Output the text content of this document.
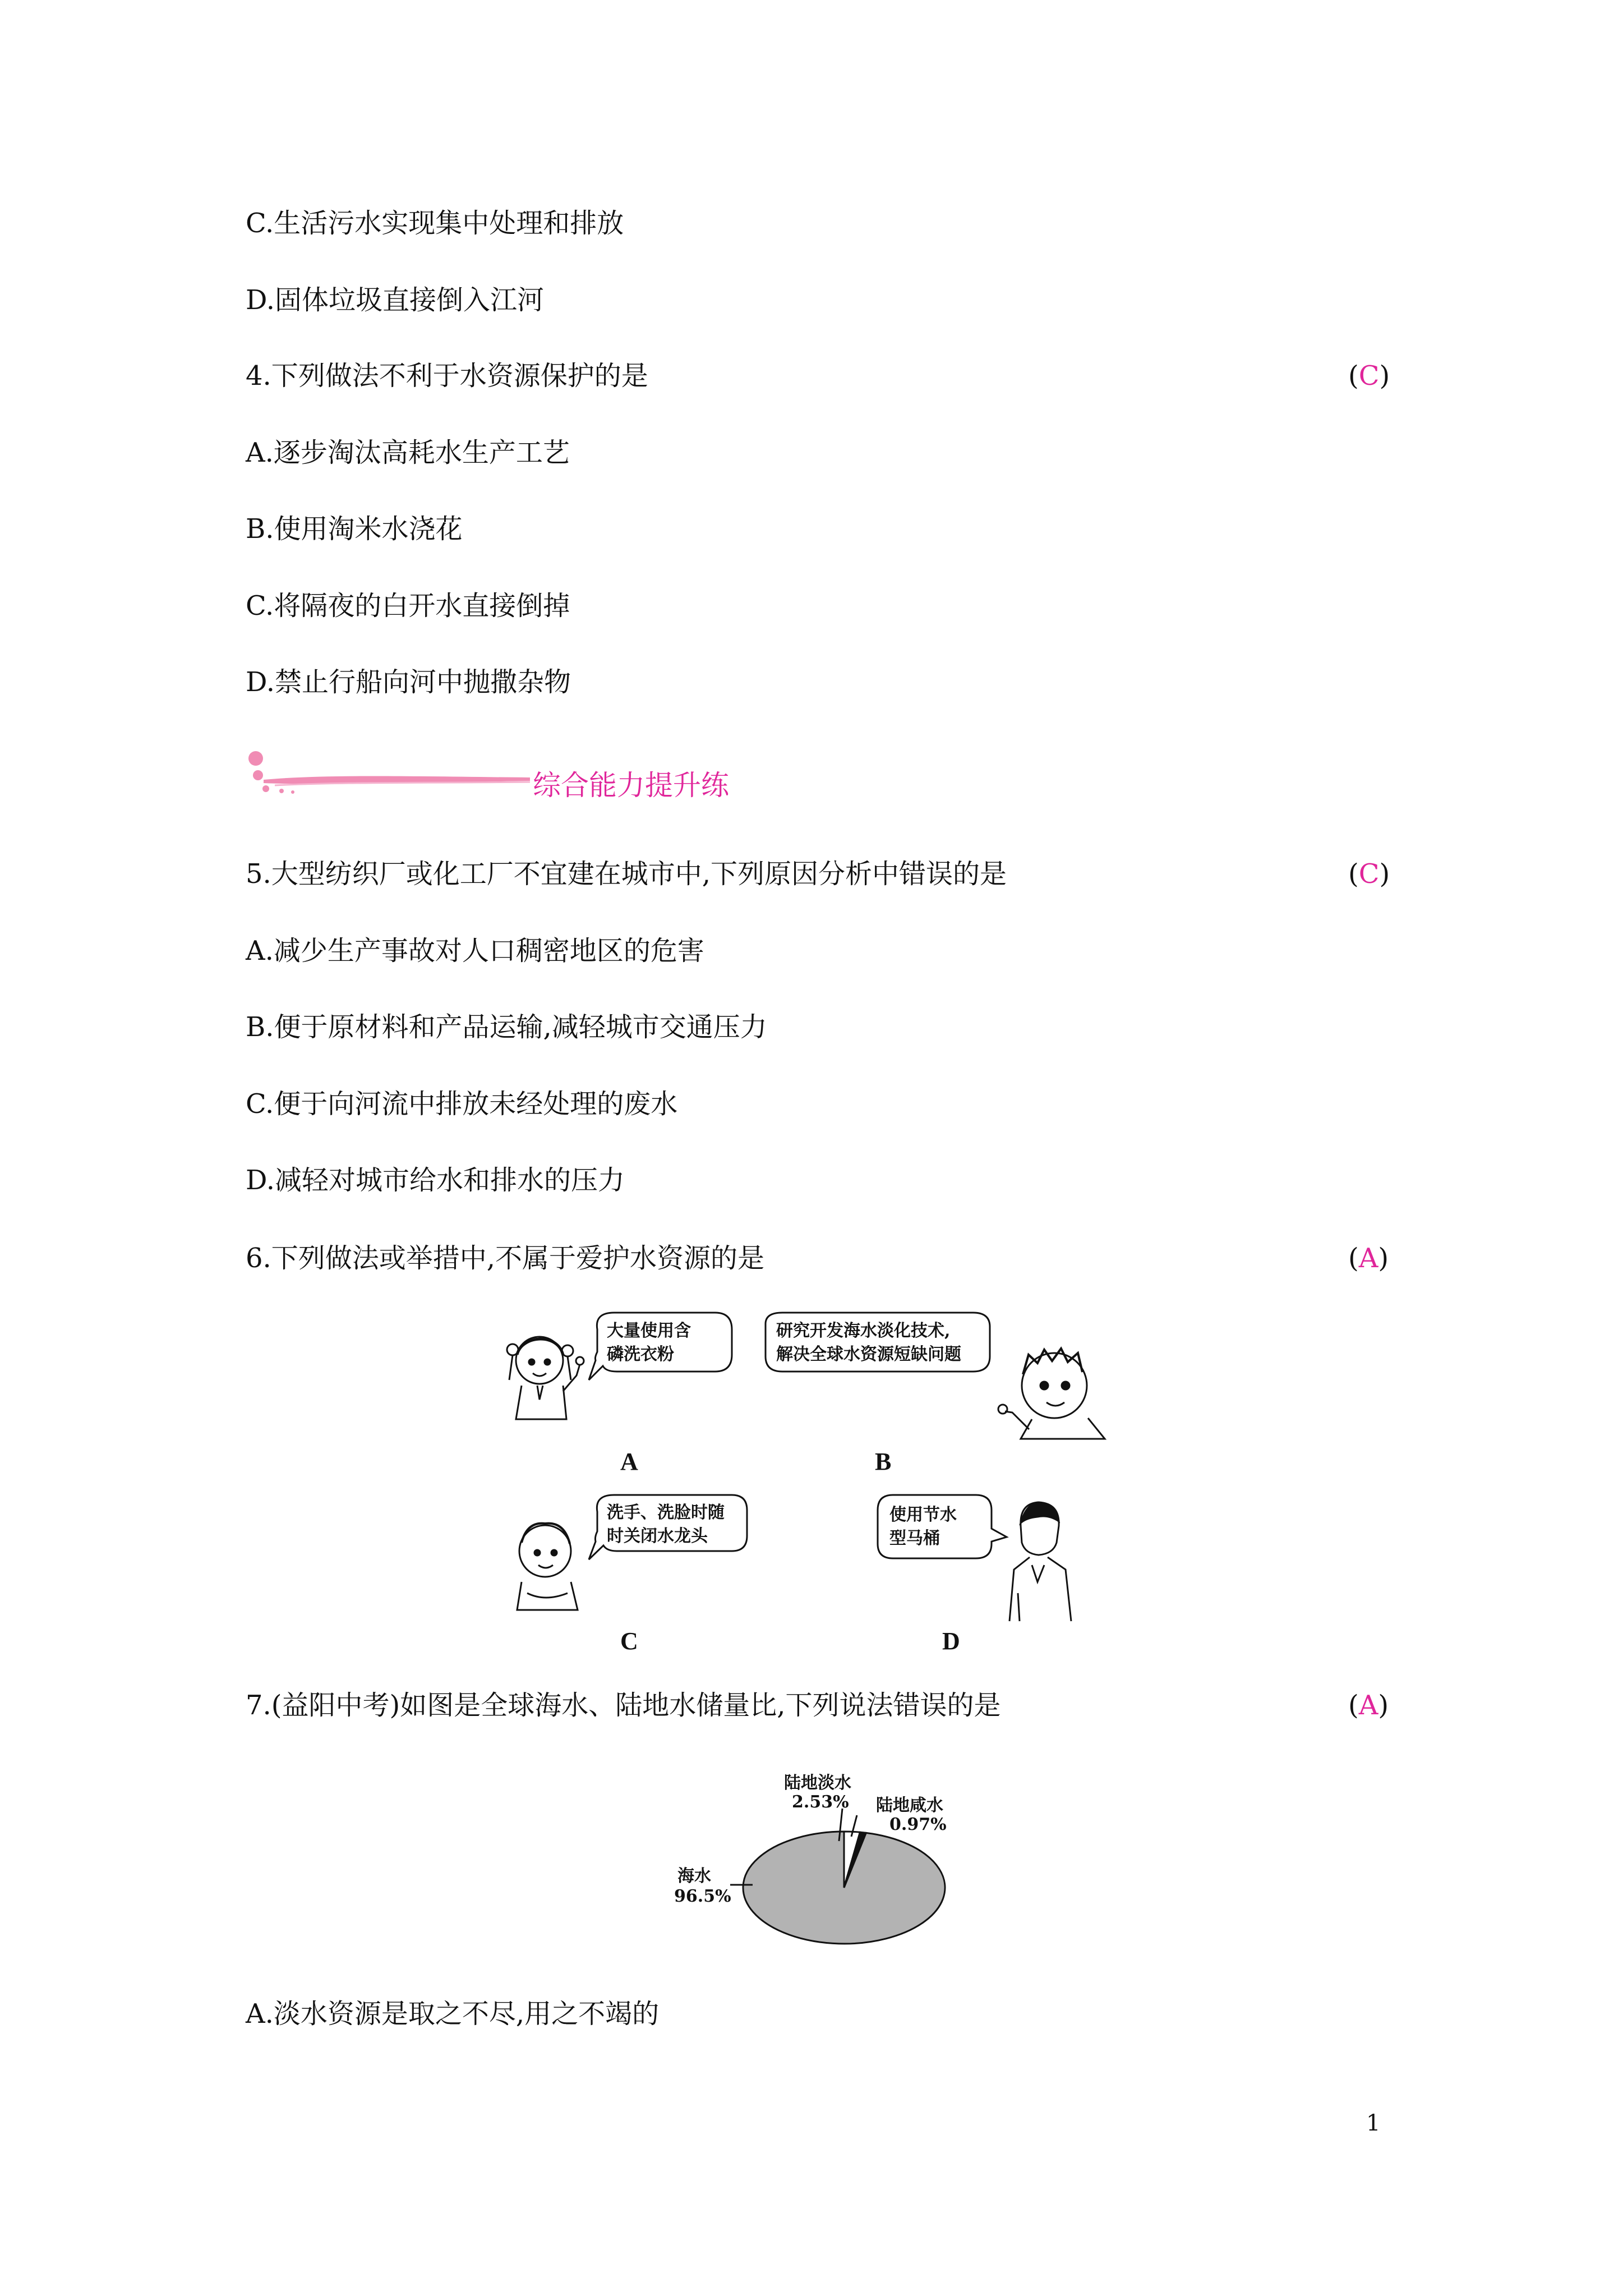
C.生活污水实现集中处理和排放
D.固体垃圾直接倒入江河
4.下列做法不利于水资源保护的是	(C)
A.逐步淘汰高耗水生产工艺
B.使用淘米水浇花
C.将隔夜的白开水直接倒掉
D.禁止行船向河中抛撒杂物
综合能力提升练
5.大型纺织厂或化工厂不宜建在城市中,下列原因分析中错误的是	(C)
A.减少生产事故对人口稠密地区的危害
B.便于原材料和产品运输,减轻城市交通压力
C.便于向河流中排放未经处理的废水
D.减轻对城市给水和排水的压力
6.下列做法或举措中,不属于爱护水资源的是	(A)
大量使用含
磷洗衣粉
A
研究开发海水淡化技术,
解决全球水资源短缺问题
B
洗手、洗脸时随
时关闭水龙头
C
使用节水
型马桶
D
7.(益阳中考)如图是全球海水、陆地水储量比,下列说法错误的是	(A)
海水
96.5%
陆地淡水
2.53% 陆地咸水
0.97%
A.淡水资源是取之不尽,用之不竭的
1
